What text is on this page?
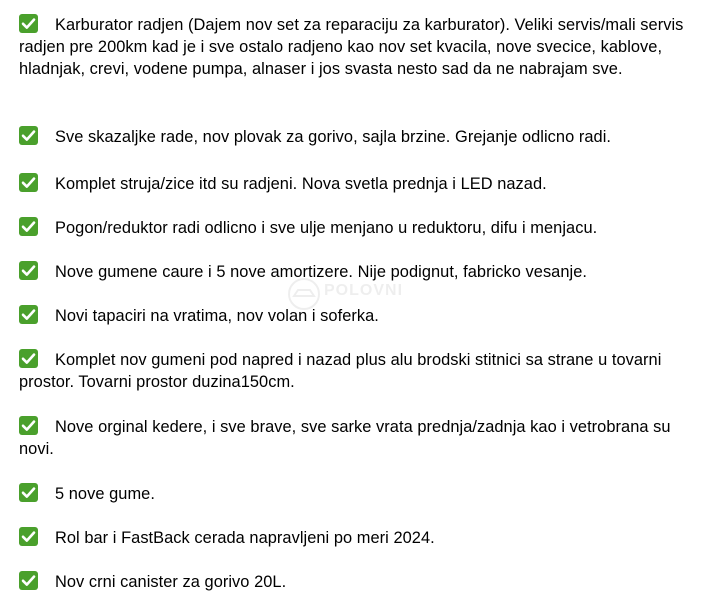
Karburator radjen (Dajem nov set za reparaciju za karburator). Veliki servis/mali servis radjen pre 200km kad je i sve ostalo radjeno kao nov set kvacila, nove svecice, kablove, hladnjak, crevi, vodene pumpa, alnaser i jos svasta nesto sad da ne nabrajam sve.
Sve skazaljke rade, nov plovak za gorivo, sajla brzine. Grejanje odlicno radi.
Komplet struja/zice itd su radjeni. Nova svetla prednja i LED nazad.
Pogon/reduktor radi odlicno i sve ulje menjano u reduktoru, difu i menjacu.
Nove gumene caure i 5 nove amortizere. Nije podignut, fabricko vesanje.
Novi tapaciri na vratima, nov volan i soferka.
Komplet nov gumeni pod napred i nazad plus alu brodski stitnici sa strane u tovarni prostor. Tovarni prostor duzina150cm.
Nove orginal kedere, i sve brave, sve sarke vrata prednja/zadnja kao i vetrobrana su novi.
5 nove gume.
Rol bar i FastBack cerada napravljeni po meri 2024.
Nov crni canister za gorivo 20L.
POLOVNI
